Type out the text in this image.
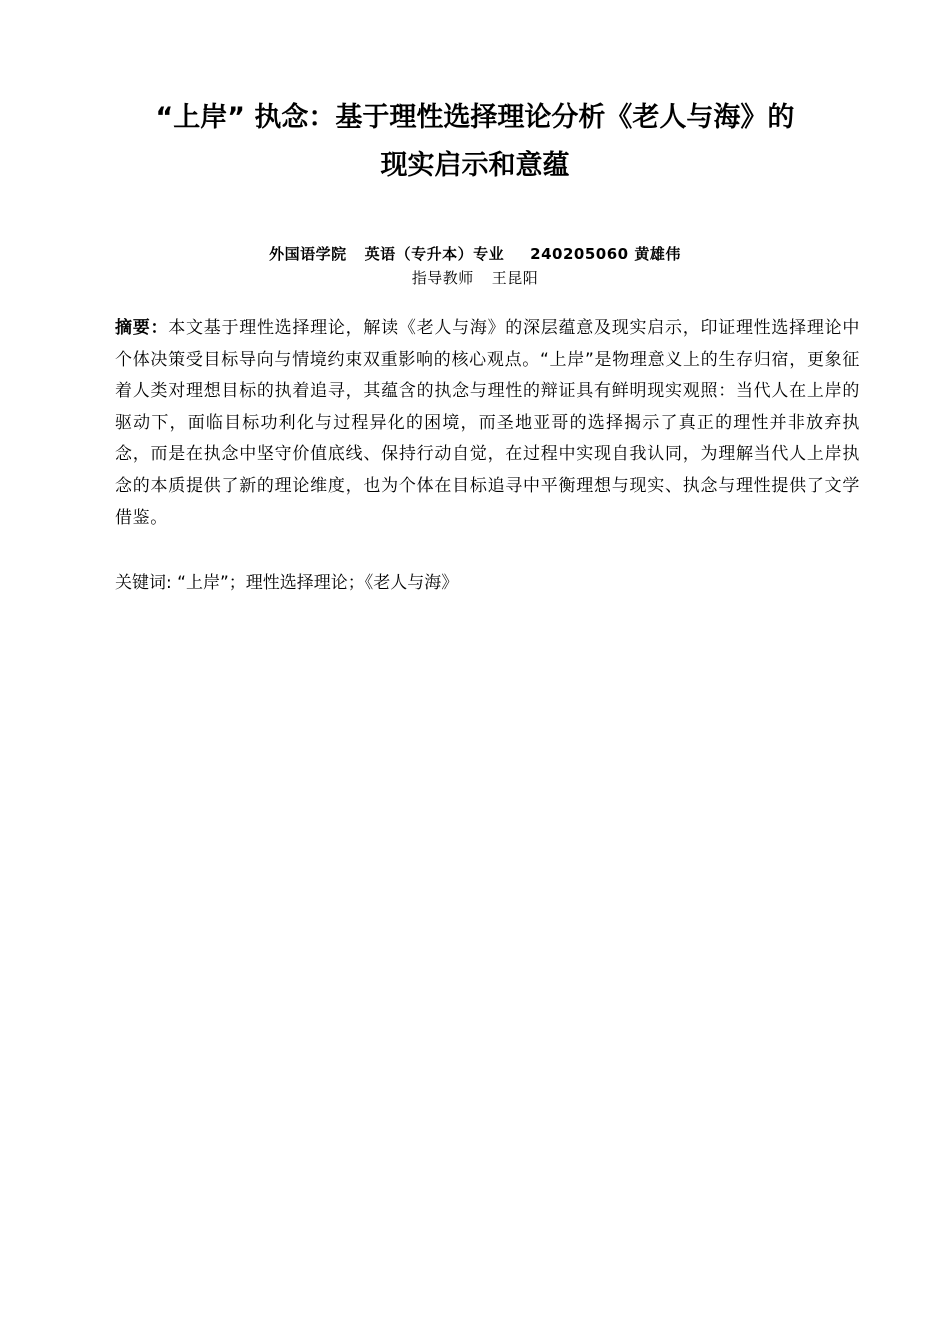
“上岸” 执念：基于理性选择理论分析《老人与海》的
现实启示和意蕴
外国语学院 英语（专升本）专业 240205060 黄雄伟
指导教师 王昆阳
摘要：本文基于理性选择理论，解读《老人与海》的深层蕴意及现实启示，印证理性选择理论中个体决策受目标导向与情境约束双重影响的核心观点。“上岸”是物理意义上的生存归宿，更象征着人类对理想目标的执着追寻，其蕴含的执念与理性的辩证具有鲜明现实观照：当代人在上岸的驱动下，面临目标功利化与过程异化的困境，而圣地亚哥的选择揭示了真正的理性并非放弃执念，而是在执念中坚守价值底线、保持行动自觉，在过程中实现自我认同，为理解当代人上岸执念的本质提供了新的理论维度，也为个体在目标追寻中平衡理想与现实、执念与理性提供了文学借鉴。
关键词: “上岸”；理性选择理论；《老人与海》
